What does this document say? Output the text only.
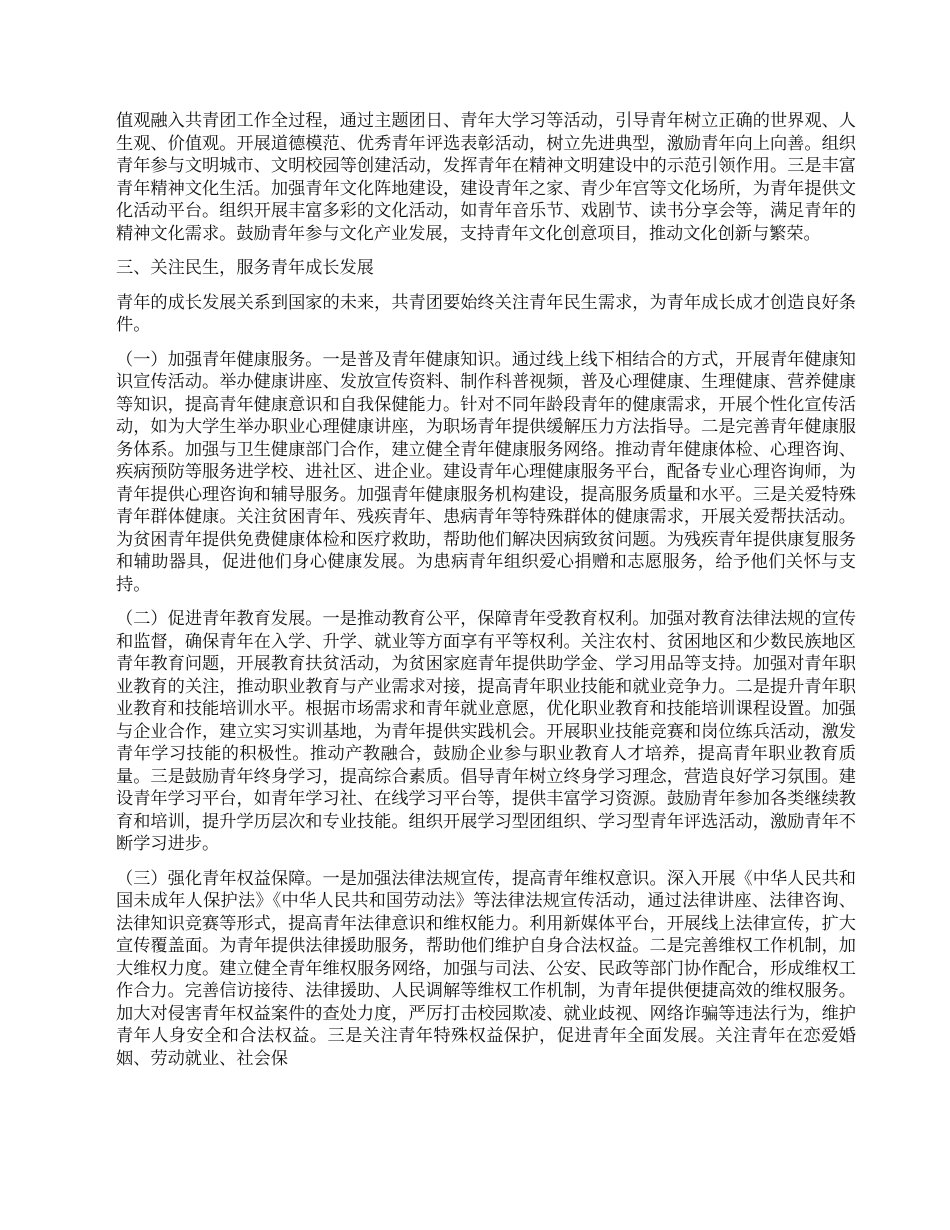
值观融入共青团工作全过程，通过主题团日、青年大学习等活动，引导青年树立正确的世界观、人生观、价值观。开展道德模范、优秀青年评选表彰活动，树立先进典型，激励青年向上向善。组织青年参与文明城市、文明校园等创建活动，发挥青年在精神文明建设中的示范引领作用。三是丰富青年精神文化生活。加强青年文化阵地建设，建设青年之家、青少年宫等文化场所，为青年提供文化活动平台。组织开展丰富多彩的文化活动，如青年音乐节、戏剧节、读书分享会等，满足青年的精神文化需求。鼓励青年参与文化产业发展，支持青年文化创意项目，推动文化创新与繁荣。

三、关注民生，服务青年成长发展

青年的成长发展关系到国家的未来，共青团要始终关注青年民生需求，为青年成长成才创造良好条件。

（一）加强青年健康服务。一是普及青年健康知识。通过线上线下相结合的方式，开展青年健康知识宣传活动。举办健康讲座、发放宣传资料、制作科普视频，普及心理健康、生理健康、营养健康等知识，提高青年健康意识和自我保健能力。针对不同年龄段青年的健康需求，开展个性化宣传活动，如为大学生举办职业心理健康讲座，为职场青年提供缓解压力方法指导。二是完善青年健康服务体系。加强与卫生健康部门合作，建立健全青年健康服务网络。推动青年健康体检、心理咨询、疾病预防等服务进学校、进社区、进企业。建设青年心理健康服务平台，配备专业心理咨询师，为青年提供心理咨询和辅导服务。加强青年健康服务机构建设，提高服务质量和水平。三是关爱特殊青年群体健康。关注贫困青年、残疾青年、患病青年等特殊群体的健康需求，开展关爱帮扶活动。为贫困青年提供免费健康体检和医疗救助，帮助他们解决因病致贫问题。为残疾青年提供康复服务和辅助器具，促进他们身心健康发展。为患病青年组织爱心捐赠和志愿服务，给予他们关怀与支持。

（二）促进青年教育发展。一是推动教育公平，保障青年受教育权利。加强对教育法律法规的宣传和监督，确保青年在入学、升学、就业等方面享有平等权利。关注农村、贫困地区和少数民族地区青年教育问题，开展教育扶贫活动，为贫困家庭青年提供助学金、学习用品等支持。加强对青年职业教育的关注，推动职业教育与产业需求对接，提高青年职业技能和就业竞争力。二是提升青年职业教育和技能培训水平。根据市场需求和青年就业意愿，优化职业教育和技能培训课程设置。加强与企业合作，建立实习实训基地，为青年提供实践机会。开展职业技能竞赛和岗位练兵活动，激发青年学习技能的积极性。推动产教融合，鼓励企业参与职业教育人才培养，提高青年职业教育质量。三是鼓励青年终身学习，提高综合素质。倡导青年树立终身学习理念，营造良好学习氛围。建设青年学习平台，如青年学习社、在线学习平台等，提供丰富学习资源。鼓励青年参加各类继续教育和培训，提升学历层次和专业技能。组织开展学习型团组织、学习型青年评选活动，激励青年不断学习进步。

（三）强化青年权益保障。一是加强法律法规宣传，提高青年维权意识。深入开展《中华人民共和国未成年人保护法》《中华人民共和国劳动法》等法律法规宣传活动，通过法律讲座、法律咨询、法律知识竞赛等形式，提高青年法律意识和维权能力。利用新媒体平台，开展线上法律宣传，扩大宣传覆盖面。为青年提供法律援助服务，帮助他们维护自身合法权益。二是完善维权工作机制，加大维权力度。建立健全青年维权服务网络，加强与司法、公安、民政等部门协作配合，形成维权工作合力。完善信访接待、法律援助、人民调解等维权工作机制，为青年提供便捷高效的维权服务。加大对侵害青年权益案件的查处力度，严厉打击校园欺凌、就业歧视、网络诈骗等违法行为，维护青年人身安全和合法权益。三是关注青年特殊权益保护，促进青年全面发展。关注青年在恋爱婚姻、劳动就业、社会保
